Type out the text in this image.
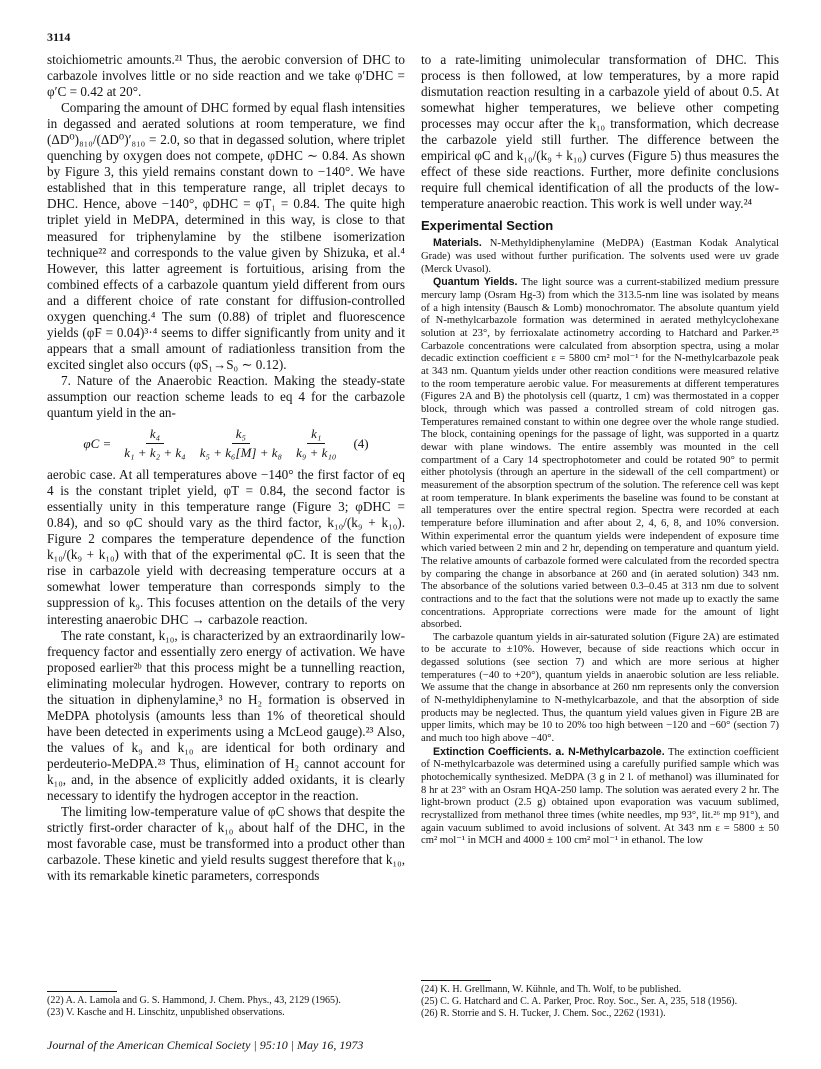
3114

stoichiometric amounts.²¹ Thus, the aerobic conversion of DHC to carbazole involves little or no side reaction and we take φ′DHC = φ′C = 0.42 at 20°.

Comparing the amount of DHC formed by equal flash intensities in degassed and aerated solutions at room temperature, we find (ΔD⁰)₈₁₀/(ΔD⁰)′₈₁₀ = 2.0, so that in degassed solution, where triplet quenching by oxygen does not compete, φDHC ∼ 0.84. As shown by Figure 3, this yield remains constant down to −140°. We have established that in this temperature range, all triplet decays to DHC. Hence, above −140°, φDHC = φT₁ = 0.84. The quite high triplet yield in MeDPA, determined in this way, is close to that measured for triphenylamine by the stilbene isomerization technique²² and corresponds to the value given by Shizuka, et al.⁴ However, this latter agreement is fortuitious, arising from the combined effects of a carbazole quantum yield different from ours and a different choice of rate constant for diffusion-controlled oxygen quenching.⁴ The sum (0.88) of triplet and fluorescence yields (φF = 0.04)³·⁴ seems to differ significantly from unity and it appears that a small amount of radiationless transition from the excited singlet also occurs (φS₁→S₀ ∼ 0.12).

7. Nature of the Anaerobic Reaction. Making the steady-state assumption our reaction scheme leads to eq 4 for the carbazole quantum yield in the an-

$\varphi C = \frac{\text{k₄}}{\text{k₁ + k₂ + k₄}} \frac{\text{k₅}}{\text{k₅ + k₆[M] + k₈}} \frac{\text{k₁}}{\text{k₉ + k₁₀}} (4)$

aerobic case. At all temperatures above −140° the first factor of eq 4 is the constant triplet yield, φT = 0.84, the second factor is essentially unity in this temperature range (Figure 3; φDHC = 0.84), and so φC should vary as the third factor, k₁₀/(k₉ + k₁₀). Figure 2 compares the temperature dependence of the function k₁₀/(k₉ + k₁₀) with that of the experimental φC. It is seen that the rise in carbazole yield with decreasing temperature occurs at a somewhat lower temperature than corresponds simply to the suppression of k₉. This focuses attention on the details of the very interesting anaerobic DHC → carbazole reaction.

The rate constant, k₁₀, is characterized by an extraordinarily low-frequency factor and essentially zero energy of activation. We have proposed earlier²ᵇ that this process might be a tunnelling reaction, eliminating molecular hydrogen. However, contrary to reports on the situation in diphenylamine,³ no H₂ formation is observed in MeDPA photolysis (amounts less than 1% of theoretical should have been detected in experiments using a McLeod gauge).²³ Also, the values of k₉ and k₁₀ are identical for both ordinary and perdeuterio-MeDPA.²³ Thus, elimination of H₂ cannot account for k₁₀, and, in the absence of explicitly added oxidants, it is clearly necessary to identify the hydrogen acceptor in the reaction.

The limiting low-temperature value of φC shows that despite the strictly first-order character of k₁₀ about half of the DHC, in the most favorable case, must be transformed into a product other than carbazole. These kinetic and yield results suggest therefore that k₁₀, with its remarkable kinetic parameters, corresponds

(22) A. A. Lamola and G. S. Hammond, J. Chem. Phys., 43, 2129 (1965).

(23) V. Kasche and H. Linschitz, unpublished observations.

to a rate-limiting unimolecular transformation of DHC. This process is then followed, at low temperatures, by a more rapid dismutation reaction resulting in a carbazole yield of about 0.5. At somewhat higher temperatures, we believe other competing processes may occur after the k₁₀ transformation, which decrease the carbazole yield still further. The difference between the empirical φC and k₁₀/(k₉ + k₁₀) curves (Figure 5) thus measures the effect of these side reactions. Further, more definite conclusions require full chemical identification of all the products of the low-temperature anaerobic reaction. This work is well under way.²⁴

Experimental Section

Materials. N-Methyldiphenylamine (MeDPA) (Eastman Kodak Analytical Grade) was used without further purification. The solvents used were uv grade (Merck Uvasol).

Quantum Yields. The light source was a current-stabilized medium pressure mercury lamp (Osram Hg-3) from which the 313.5-nm line was isolated by means of a high intensity (Bausch & Lomb) monochromator. The absolute quantum yield of N-methylcarbazole formation was determined in aerated methylcyclohexane solution at 23°, by ferrioxalate actinometry according to Hatchard and Parker.²⁵ Carbazole concentrations were calculated from absorption spectra, using a molar decadic extinction coefficient ε = 5800 cm² mol⁻¹ for the N-methylcarbazole peak at 343 nm. Quantum yields under other reaction conditions were measured relative to the room temperature aerobic value. For measurements at different temperatures (Figures 2A and B) the photolysis cell (quartz, 1 cm) was thermostated in a copper block, through which was passed a controlled stream of cold nitrogen gas. Temperatures remained constant to within one degree over the whole range studied. The block, containing openings for the passage of light, was supported in a quartz dewar with plane windows. The entire assembly was mounted in the cell compartment of a Cary 14 spectrophotometer and could be rotated 90° to permit either photolysis (through an aperture in the sidewall of the cell compartment) or measurement of the absorption spectrum of the solution. The reference cell was kept at room temperature. In blank experiments the baseline was found to be constant at all temperatures over the entire spectral region. Spectra were recorded at each temperature before illumination and after about 2, 4, 6, 8, and 10% conversion. Within experimental error the quantum yields were independent of exposure time which varied between 2 min and 2 hr, depending on temperature and quantum yield. The relative amounts of carbazole formed were calculated from the recorded spectra by comparing the change in absorbance at 260 and (in aerated solution) 343 nm. The absorbance of the solutions varied between 0.3–0.45 at 313 nm due to solvent contractions and to the fact that the solutions were not made up to exactly the same concentrations. Appropriate corrections were made for the amount of light absorbed.

The carbazole quantum yields in air-saturated solution (Figure 2A) are estimated to be accurate to ±10%. However, because of side reactions which occur in degassed solutions (see section 7) and which are more serious at higher temperatures (−40 to +20°), quantum yields in anaerobic solution are less reliable. We assume that the change in absorbance at 260 nm represents only the conversion of N-methyldiphenylamine to N-methylcarbazole, and that the absorption of side products may be neglected. Thus, the quantum yield values given in Figure 2B are upper limits, which may be 10 to 20% too high between −120 and −60° (section 7) and much too high above −40°.

Extinction Coefficients. a. N-Methylcarbazole. The extinction coefficient of N-methylcarbazole was determined using a carefully purified sample which was photochemically synthesized. MeDPA (3 g in 2 l. of methanol) was illuminated for 8 hr at 23° with an Osram HQA-250 lamp. The solution was aerated every 2 hr. The light-brown product (2.5 g) obtained upon evaporation was vacuum sublimed, recrystallized from methanol three times (white needles, mp 93°, lit.²⁶ mp 91°), and again vacuum sublimed to avoid inclusions of solvent. At 343 nm ε = 5800 ± 50 cm² mol⁻¹ in MCH and 4000 ± 100 cm² mol⁻¹ in ethanol. The low

(24) K. H. Grellmann, W. Kühnle, and Th. Wolf, to be published.

(25) C. G. Hatchard and C. A. Parker, Proc. Roy. Soc., Ser. A, 235, 518 (1956).

(26) R. Storrie and S. H. Tucker, J. Chem. Soc., 2262 (1931).

Journal of the American Chemical Society | 95:10 | May 16, 1973
